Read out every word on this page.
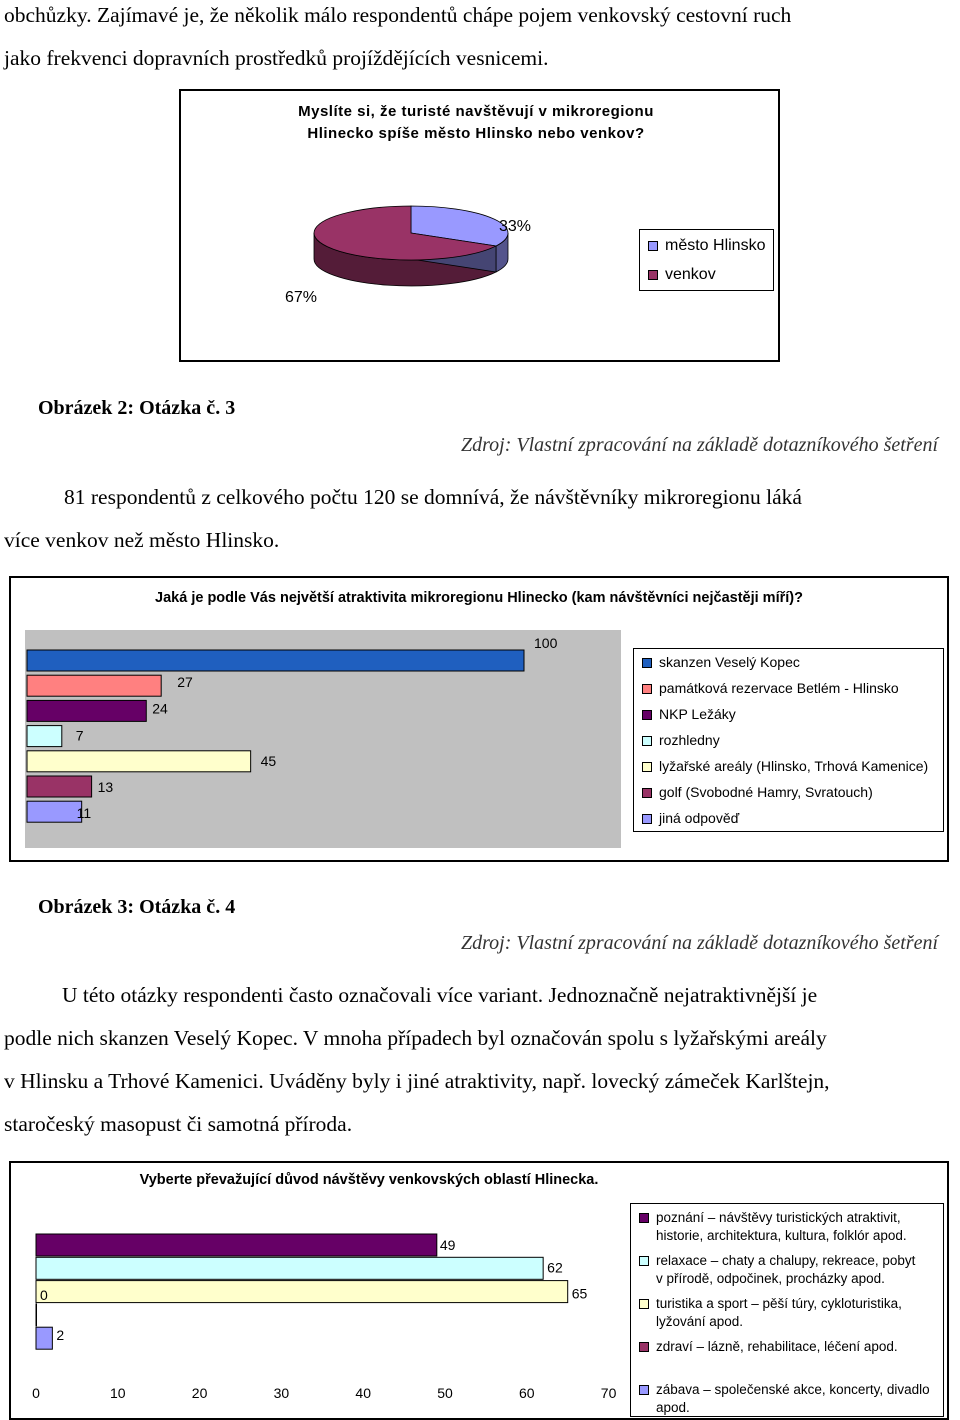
obchůzky. Zajímavé je, že několik málo respondentů chápe pojem venkovský cestovní ruch

jako frekvenci dopravních prostředků projíždějících vesnicemi.

Myslíte si, že turisté navštěvují v mikroregionu
Hlinecko spíše město Hlinsko nebo venkov?
33%
67%
město Hlinsko
venkov
Obrázek 2: Otázka č. 3
Zdroj: Vlastní zpracování na základě dotazníkového šetření

81 respondentů z celkového počtu 120 se domnívá, že návštěvníky mikroregionu láká

více venkov než město Hlinsko.

Jaká je podle Vás největší atraktivita mikroregionu Hlinecko (kam návštěvníci nejčastěji míří)?
100
27
24
7
45
13
11
skanzen Veselý Kopec
památková rezervace Betlém - Hlinsko
NKP Ležáky
rozhledny
lyžařské areály (Hlinsko, Trhová Kamenice)
golf (Svobodné Hamry, Svratouch)
jiná odpověď
Obrázek 3: Otázka č. 4
Zdroj: Vlastní zpracování na základě dotazníkového šetření

U této otázky respondenti často označovali více variant. Jednoznačně nejatraktivnější je

podle nich skanzen Veselý Kopec. V mnoha případech byl označován spolu s lyžařskými areály

v Hlinsku a Trhové Kamenici. Uváděny byly i jiné atraktivity, např. lovecký zámeček Karlštejn,

staročeský masopust či samotná příroda.

Vyberte převažující důvod návštěvy venkovských oblastí Hlinecka.
49
62
65
0
2
0	10	20	30	40	50	60	70
poznání – návštěvy turistických atraktivit,
historie, architektura, kultura, folklór apod.
relaxace – chaty a chalupy, rekreace, pobyt
v přírodě, odpočinek, procházky apod.
turistika a sport – pěší túry, cykloturistika,
lyžování apod.
zdraví – lázně, rehabilitace, léčení apod.
zábava – společenské akce, koncerty, divadlo
apod.
